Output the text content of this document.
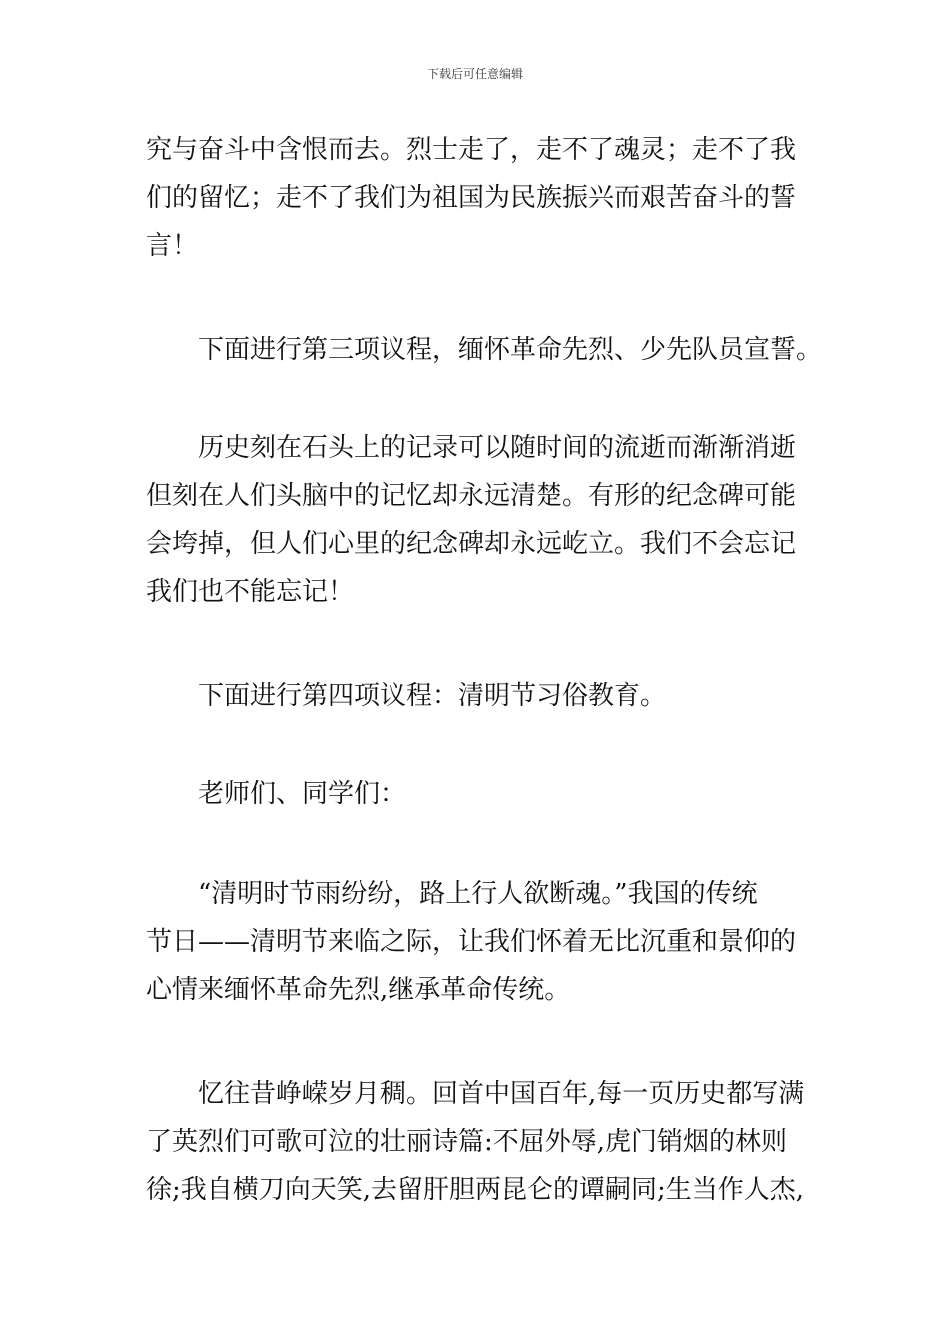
下载后可任意编辑
究与奋斗中含恨而去。烈士走了，走不了魂灵；走不了我
们的留忆；走不了我们为祖国为民族振兴而艰苦奋斗的誓
言！
下面进行第三项议程，缅怀革命先烈、少先队员宣誓。
历史刻在石头上的记录可以随时间的流逝而渐渐消逝
但刻在人们头脑中的记忆却永远清楚。有形的纪念碑可能
会垮掉，但人们心里的纪念碑却永远屹立。我们不会忘记
我们也不能忘记！
下面进行第四项议程：清明节习俗教育。
老师们、同学们：
“清明时节雨纷纷，路上行人欲断魂。”我国的传统
节日——清明节来临之际，让我们怀着无比沉重和景仰的
心情来缅怀革命先烈,继承革命传统。
忆往昔峥嵘岁月稠。回首中国百年,每一页历史都写满
了英烈们可歌可泣的壮丽诗篇:不屈外辱,虎门销烟的林则
徐;我自横刀向天笑,去留肝胆两昆仑的谭嗣同;生当作人杰,
